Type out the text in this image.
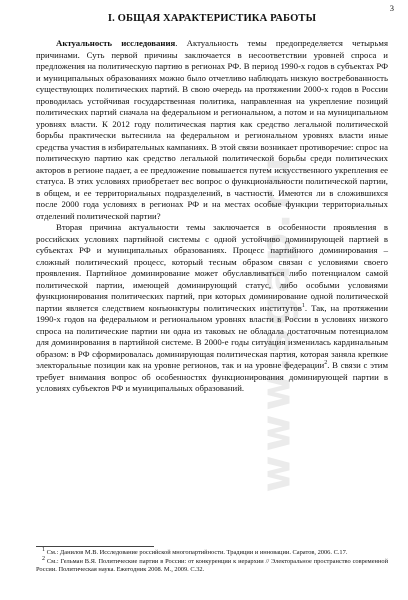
3
I. ОБЩАЯ ХАРАКТЕРИСТИКА РАБОТЫ

Актуальность исследования. Актуальность темы предопределяется четырьмя причинами. Суть первой причины заключается в несоответствии уровней спроса и предложения на политическую партию в регионах РФ. В период 1990-х годов в субъектах РФ и муниципальных образованиях можно было отчетливо наблюдать низкую востребованность существующих политических партий. В свою очередь на протяжении 2000-х годов в России проводилась устойчивая государственная политика, направленная на укрепление позиций политических партий сначала на федеральном и региональном, а потом и на муниципальном уровнях власти. К 2012 году политическая партия как средство легальной политической борьбы практически вытеснила на федеральном и региональном уровнях власти иные средства участия в избирательных кампаниях. В этой связи возникает противоречие: спрос на политическую партию как средство легальной политической борьбы среди политических акторов в регионе падает, а ее предложение повышается путем искусственного укрепления ее статуса. В этих условиях приобретает вес вопрос о функциональности политической партии, в общем, и ее территориальных подразделений, в частности. Имеются ли в сложившихся после 2000 года условиях в регионах РФ и на местах особые функции территориальных отделений политической партии?

Вторая причина актуальности темы заключается в особенности проявления в российских условиях партийной системы с одной устойчиво доминирующей партией в субъектах РФ и муниципальных образованиях. Процесс партийного доминирования – сложный политический процесс, который тесным образом связан с условиями своего проявления. Партийное доминирование может обуславливаться либо потенциалом самой политической партии, имеющей доминирующий статус, либо особыми условиями функционирования политических партий, при которых доминирование одной политической партии является следствием конъюнктуры политических институтов$^1$. Так, на протяжении 1990-х годов на федеральном и региональном уровнях власти в России в условиях низкого спроса на политические партии ни одна из таковых не обладала достаточным потенциалом для доминирования в партийной системе. В 2000-е годы ситуация изменилась кардинальным образом: в РФ сформировалась доминирующая политическая партия, которая заняла крепкие электоральные позиции как на уровне регионов, так и на уровне федерации$^2$. В связи с этим требует внимания вопрос об особенностях функционирования доминирующей партии в условиях субъектов РФ и муниципальных образований.

$^1$ См.: Данилов М.В. Исследование российской многопартийности. Традиции и инновации. Саратов, 2006. С.17.

$^2$ См.: Гельман В.Я. Политические партии в России: от конкуренции к иерархии // Электоральное пространство современной России. Политическая наука. Ежегодник 2008. М., 2009. С.32.

www.sgap.ru
